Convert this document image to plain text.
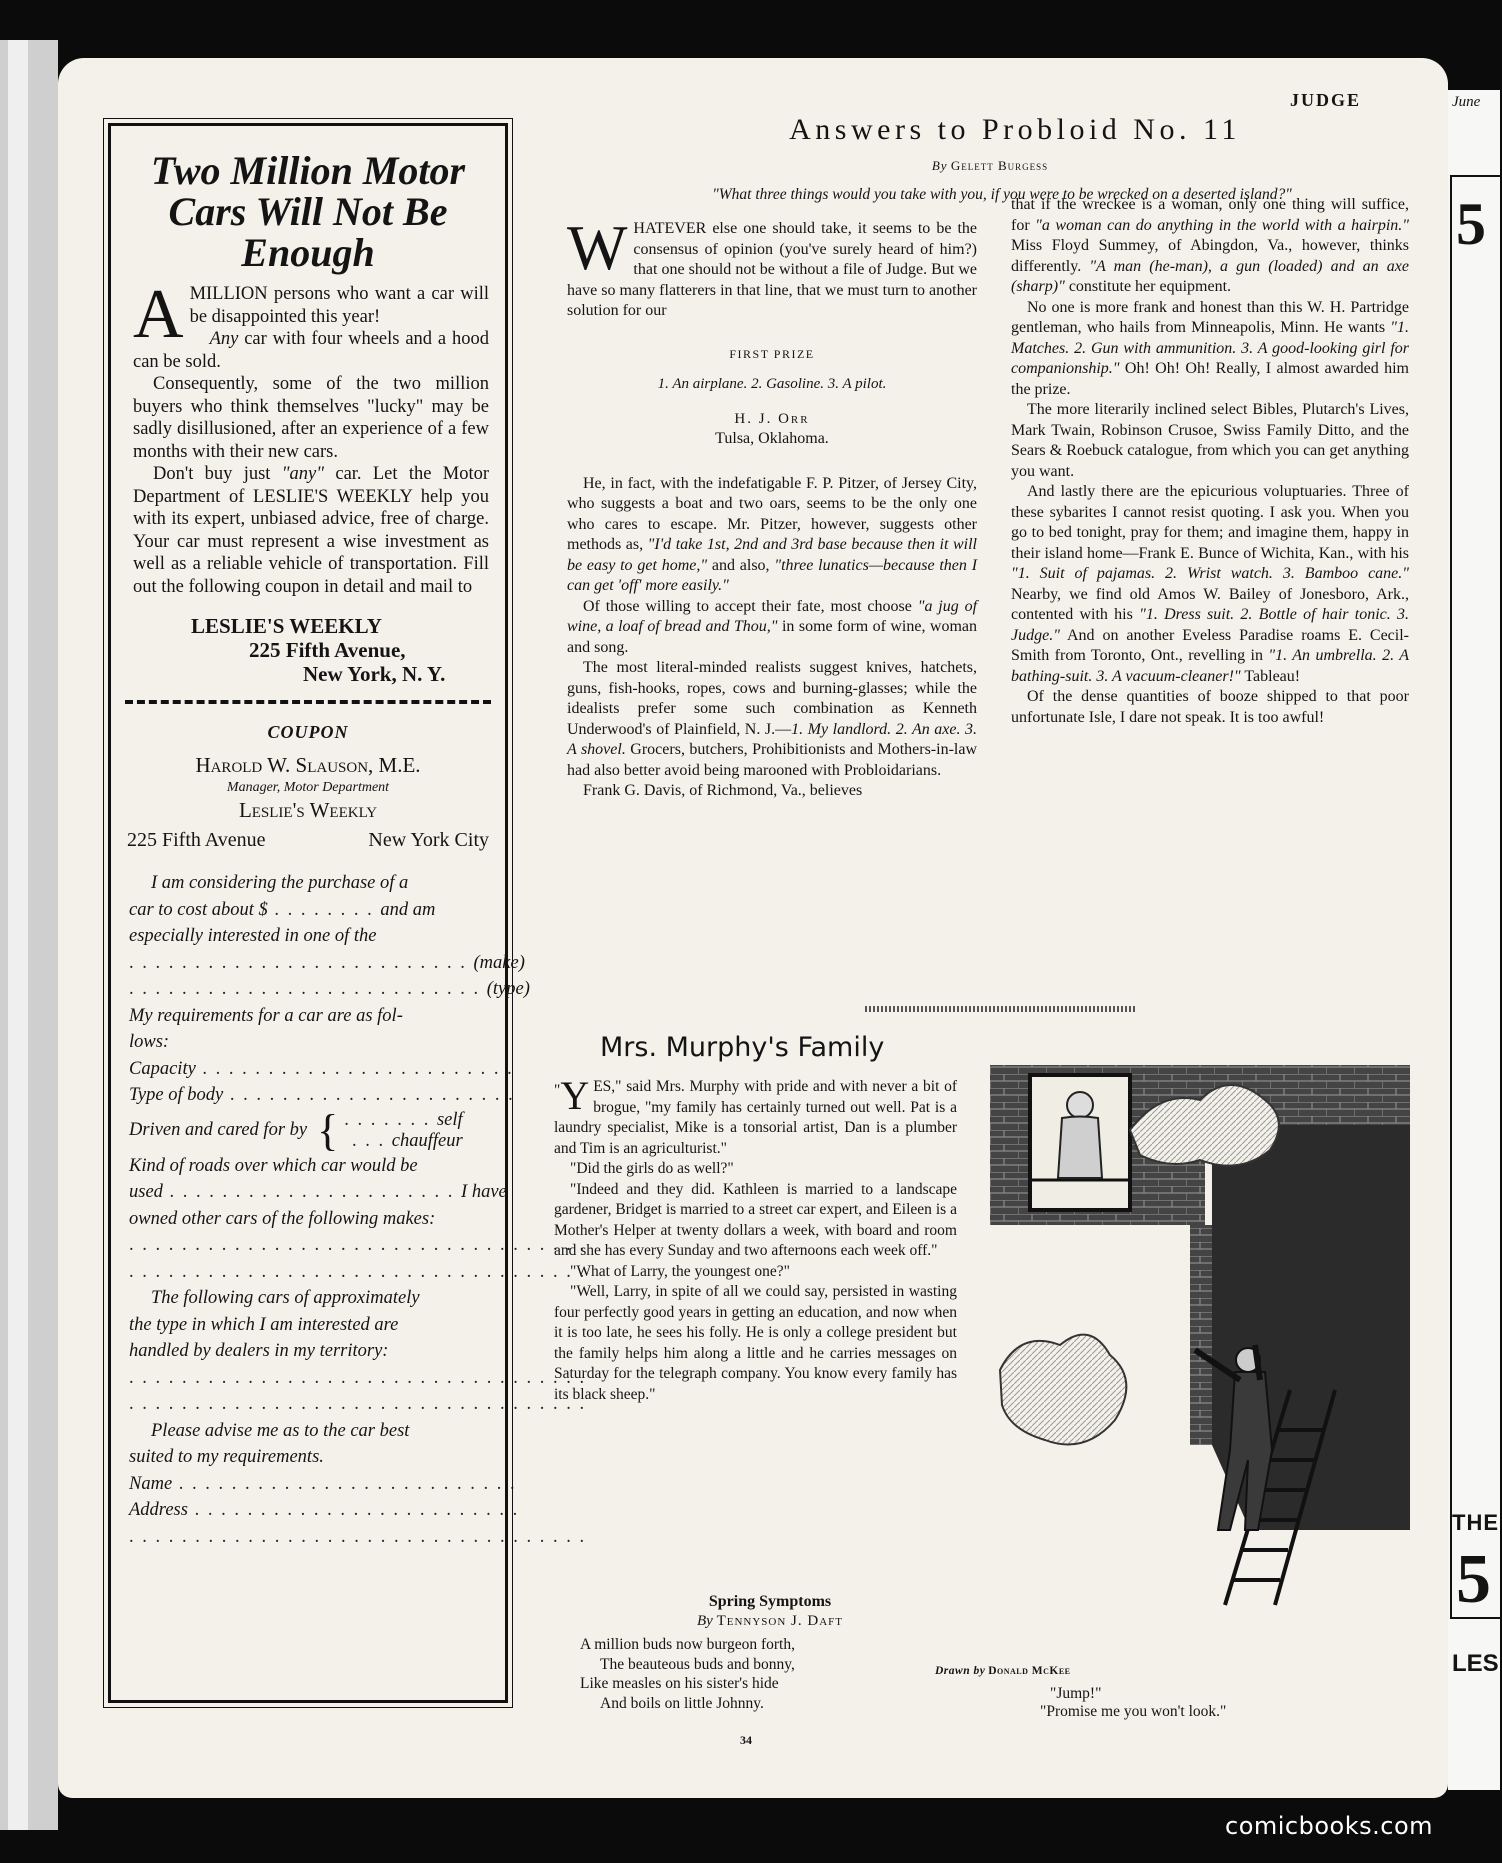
June
5
THE
5
LES
JUDGE
Two Million Motor Cars Will Not Be Enough

AMILLION persons who want a car will be disappointed this year!

Any car with four wheels and a hood can be sold.

Consequently, some of the two million buyers who think themselves "lucky" may be sadly disillusioned, after an experience of a few months with their new cars.

Don't buy just "any" car. Let the Motor Department of LESLIE'S WEEKLY help you with its expert, unbiased advice, free of charge. Your car must represent a wise investment as well as a reliable vehicle of transportation. Fill out the following coupon in detail and mail to

LESLIE'S WEEKLY
225 Fifth Avenue,
New York, N. Y.
COUPON
Harold W. Slauson, M.E.
Manager, Motor Department
Leslie's Weekly
225 Fifth Avenue	New York City
I am considering the purchase of a
car to cost about $ . . . . . . . . and am
especially interested in one of the
. . . . . . . . . . . . . . . . . . . . . . . . . . (make)
. . . . . . . . . . . . . . . . . . . . . . . . . . . (type)
My requirements for a car are as fol-
lows:
Capacity . . . . . . . . . . . . . . . . . . . . . . . .
Type of body . . . . . . . . . . . . . . . . . . . . . .
Driven and cared for by { . . . . . . . self
. . . chauffeur
Kind of roads over which car would be
used . . . . . . . . . . . . . . . . . . . . . . I have
owned other cars of the following makes:
. . . . . . . . . . . . . . . . . . . . . . . . . . . . . . . . . . .
. . . . . . . . . . . . . . . . . . . . . . . . . . . . . . . . . . .
The following cars of approximately
the type in which I am interested are
handled by dealers in my territory:
. . . . . . . . . . . . . . . . . . . . . . . . . . . . . . . . . . .
. . . . . . . . . . . . . . . . . . . . . . . . . . . . . . . . . . .
Please advise me as to the car best
suited to my requirements.
Name . . . . . . . . . . . . . . . . . . . . . . . . . .
Address . . . . . . . . . . . . . . . . . . . . . . . . .
. . . . . . . . . . . . . . . . . . . . . . . . . . . . . . . . . . .
Answers to Probloid No. 11
By Gelett Burgess
"What three things would you take with you, if you were to be wrecked on a deserted island?"

WHATEVER else one should take, it seems to be the consensus of opinion (you've surely heard of him?) that one should not be without a file of Judge. But we have so many flatterers in that line, that we must turn to another solution for our

FIRST PRIZE
1. An airplane. 2. Gasoline. 3. A pilot.
H. J. Orr
Tulsa, Oklahoma.

He, in fact, with the indefatigable F. P. Pitzer, of Jersey City, who suggests a boat and two oars, seems to be the only one who cares to escape. Mr. Pitzer, however, suggests other methods as, "I'd take 1st, 2nd and 3rd base because then it will be easy to get home," and also, "three lunatics—because then I can get 'off' more easily."

Of those willing to accept their fate, most choose "a jug of wine, a loaf of bread and Thou," in some form of wine, woman and song.

The most literal-minded realists suggest knives, hatchets, guns, fish-hooks, ropes, cows and burning-glasses; while the idealists prefer some such combination as Kenneth Underwood's of Plainfield, N. J.—1. My landlord. 2. An axe. 3. A shovel. Grocers, butchers, Prohibitionists and Mothers-in-law had also better avoid being marooned with Probloidarians.

Frank G. Davis, of Richmond, Va., believes

that if the wreckee is a woman, only one thing will suffice, for "a woman can do anything in the world with a hairpin." Miss Floyd Summey, of Abingdon, Va., however, thinks differently. "A man (he-man), a gun (loaded) and an axe (sharp)" constitute her equipment.

No one is more frank and honest than this W. H. Partridge gentleman, who hails from Minneapolis, Minn. He wants "1. Matches. 2. Gun with ammunition. 3. A good-looking girl for companionship." Oh! Oh! Oh! Really, I almost awarded him the prize.

The more literarily inclined select Bibles, Plutarch's Lives, Mark Twain, Robinson Crusoe, Swiss Family Ditto, and the Sears & Roebuck catalogue, from which you can get anything you want.

And lastly there are the epicurious voluptuaries. Three of these sybarites I cannot resist quoting. I ask you. When you go to bed tonight, pray for them; and imagine them, happy in their island home—Frank E. Bunce of Wichita, Kan., with his "1. Suit of pajamas. 2. Wrist watch. 3. Bamboo cane." Nearby, we find old Amos W. Bailey of Jonesboro, Ark., contented with his "1. Dress suit. 2. Bottle of hair tonic. 3. Judge." And on another Eveless Paradise roams E. Cecil-Smith from Toronto, Ont., revelling in "1. An umbrella. 2. A bathing-suit. 3. A vacuum-cleaner!" Tableau!

Of the dense quantities of booze shipped to that poor unfortunate Isle, I dare not speak. It is too awful!

Mrs. Murphy's Family

" Y ES," said Mrs. Murphy with pride and with never a bit of brogue, "my family has certainly turned out well. Pat is a laundry specialist, Mike is a tonsorial artist, Dan is a plumber and Tim is an agriculturist."

"Did the girls do as well?"

"Indeed and they did. Kathleen is married to a landscape gardener, Bridget is married to a street car expert, and Eileen is a Mother's Helper at twenty dollars a week, with board and room and she has every Sunday and two afternoons each week off."

"What of Larry, the youngest one?"

"Well, Larry, in spite of all we could say, persisted in wasting four perfectly good years in getting an education, and now when it is too late, he sees his folly. He is only a college president but the family helps him along a little and he carries messages on Saturday for the telegraph company. You know every family has its black sheep."

Spring Symptoms
By Tennyson J. Daft
A million buds now burgeon forth,
The beauteous buds and bonny,
Like measles on his sister's hide
And boils on little Johnny.
Drawn by Donald McKee
"Jump!"
"Promise me you won't look."
34
comicbooks.com
